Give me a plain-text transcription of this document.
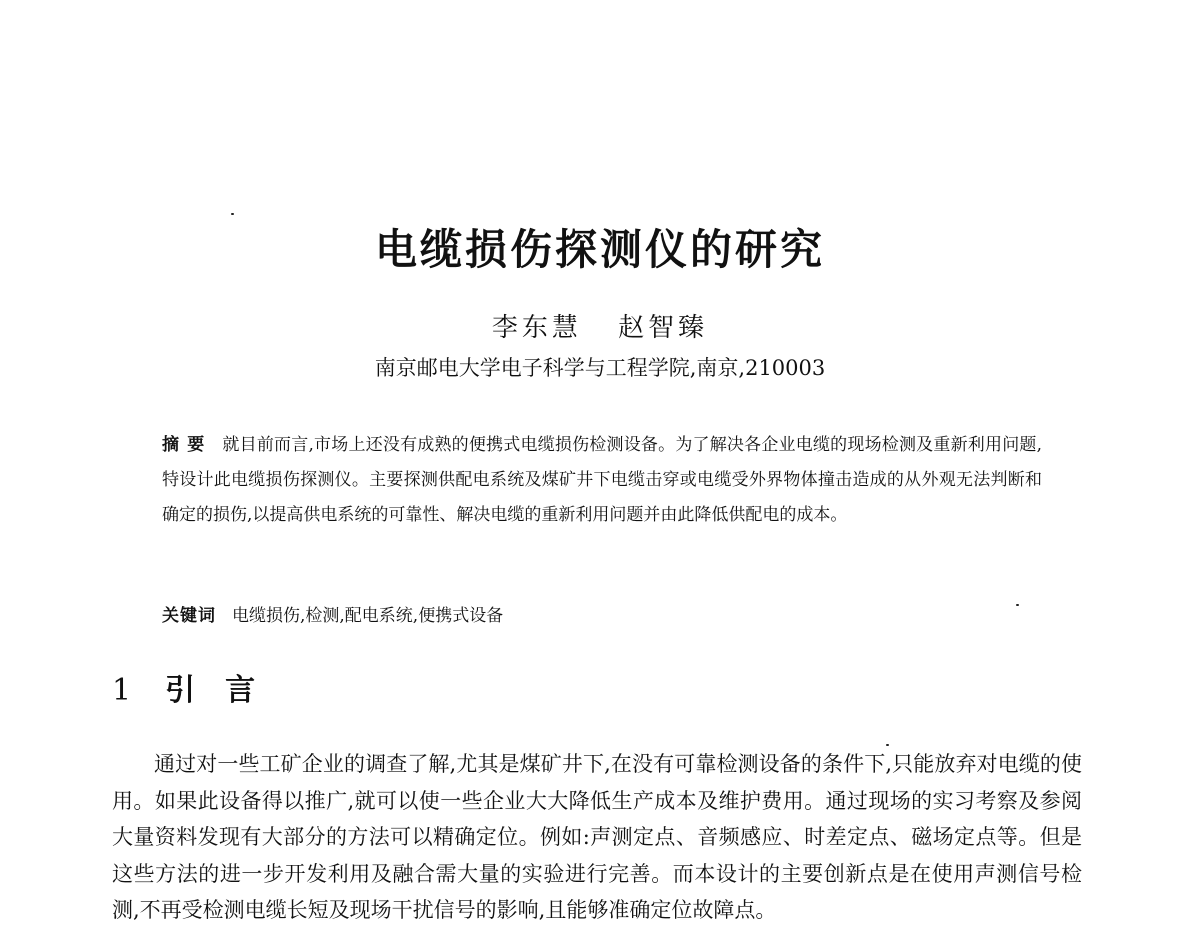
电缆损伤探测仪的研究
李东慧 赵智臻
南京邮电大学电子科学与工程学院,南京,210003
摘要 就目前而言,市场上还没有成熟的便携式电缆损伤检测设备。为了解决各企业电缆的现场检测及重新利用问题,特设计此电缆损伤探测仪。主要探测供配电系统及煤矿井下电缆击穿或电缆受外界物体撞击造成的从外观无法判断和确定的损伤,以提高供电系统的可靠性、解决电缆的重新利用问题并由此降低供配电的成本。
关键词 电缆损伤,检测,配电系统,便携式设备
1 引言

通过对一些工矿企业的调查了解,尤其是煤矿井下,在没有可靠检测设备的条件下,只能放弃对电缆的使用。如果此设备得以推广,就可以使一些企业大大降低生产成本及维护费用。通过现场的实习考察及参阅大量资料发现有大部分的方法可以精确定位。例如:声测定点、音频感应、时差定点、磁场定点等。但是这些方法的进一步开发利用及融合需大量的实验进行完善。而本设计的主要创新点是在使用声测信号检测,不再受检测电缆长短及现场干扰信号的影响,且能够准确定位故障点。
